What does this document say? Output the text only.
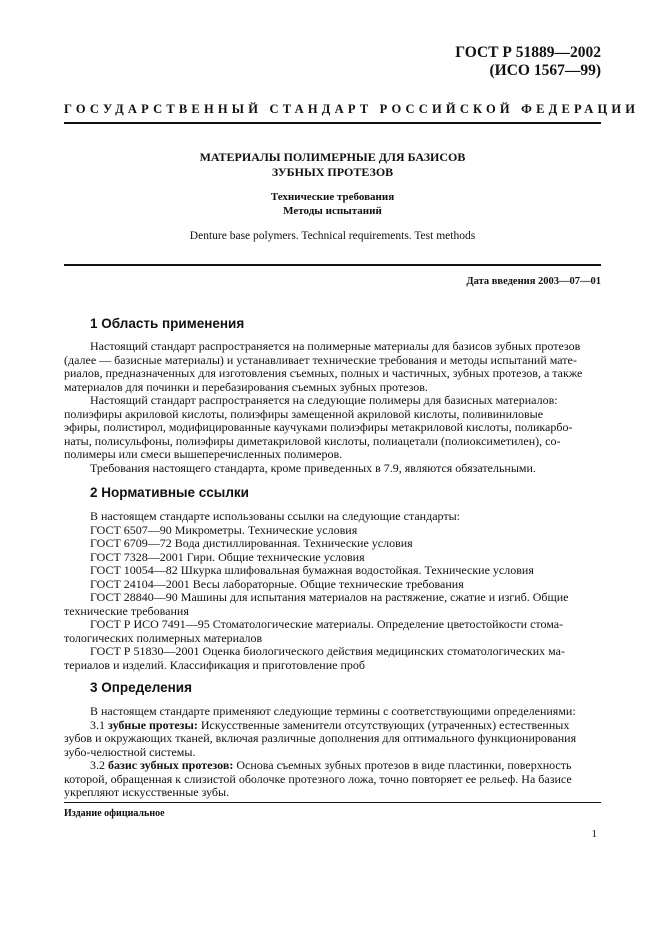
ГОСТ Р 51889—2002
(ИСО 1567—99)
ГОСУДАРСТВЕННЫЙ СТАНДАРТ РОССИЙСКОЙ ФЕДЕРАЦИИ
МАТЕРИАЛЫ ПОЛИМЕРНЫЕ ДЛЯ БАЗИСОВ
ЗУБНЫХ ПРОТЕЗОВ
Технические требования
Методы испытаний
Denture base polymers. Technical requirements. Test methods
Дата введения 2003—07—01
1 Область применения
Настоящий стандарт распространяется на полимерные материалы для базисов зубных протезов
(далее — базисные материалы) и устанавливает технические требования и методы испытаний мате-
риалов, предназначенных для изготовления съемных, полных и частичных, зубных протезов, а также
материалов для починки и перебазирования съемных зубных протезов.
Настоящий стандарт распространяется на следующие полимеры для базисных материалов:
полиэфиры акриловой кислоты, полиэфиры замещенной акриловой кислоты, поливиниловые
эфиры, полистирол, модифицированные каучуками полиэфиры метакриловой кислоты, поликарбо-
наты, полисульфоны, полиэфиры диметакриловой кислоты, полиацетали (полиоксиметилен), со-
полимеры или смеси вышеперечисленных полимеров.
Требования настоящего стандарта, кроме приведенных в 7.9, являются обязательными.
2 Нормативные ссылки
В настоящем стандарте использованы ссылки на следующие стандарты:
ГОСТ 6507—90 Микрометры. Технические условия
ГОСТ 6709—72 Вода дистиллированная. Технические условия
ГОСТ 7328—2001 Гири. Общие технические условия
ГОСТ 10054—82 Шкурка шлифовальная бумажная водостойкая. Технические условия
ГОСТ 24104—2001 Весы лабораторные. Общие технические требования
ГОСТ 28840—90 Машины для испытания материалов на растяжение, сжатие и изгиб. Общие
технические требования
ГОСТ Р ИСО 7491—95 Стоматологические материалы. Определение цветостойкости стома-
тологических полимерных материалов
ГОСТ Р 51830—2001 Оценка биологического действия медицинских стоматологических ма-
териалов и изделий. Классификация и приготовление проб
3 Определения
В настоящем стандарте применяют следующие термины с соответствующими определениями:
3.1 зубные протезы: Искусственные заменители отсутствующих (утраченных) естественных
зубов и окружающих тканей, включая различные дополнения для оптимального функционирования
зубо-челюстной системы.
3.2 базис зубных протезов: Основа съемных зубных протезов в виде пластинки, поверхность
которой, обращенная к слизистой оболочке протезного ложа, точно повторяет ее рельеф. На базисе
укрепляют искусственные зубы.
Издание официальное
1
